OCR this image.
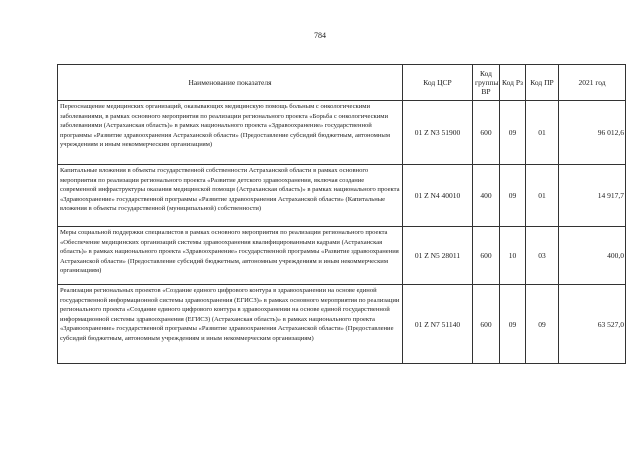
784
Наименование показателя	Код ЦСР	Код группы ВР	Код Рз	Код ПР	2021 год
Переоснащение медицинских организаций, оказывающих медицинскую помощь больным с онкологическими заболеваниями, в рамках основного мероприятия по реализации регионального проекта «Борьба с онкологическими заболеваниями (Астраханская область)» в рамках национального проекта «Здравоохранение» государственной программы «Развитие здравоохранения Астраханской области» (Предоставление субсидий бюджетным, автономным учреждениям и иным некоммерческим организациям)	01 Z N3 51900	600	09	01	96 012,6
Капитальные вложения в объекты государственной собственности Астраханской области в рамках основного мероприятия по реализации регионального проекта «Развитие детского здравоохранения, включая создание современной инфраструктуры оказания медицинской помощи (Астраханская область)» в рамках национального проекта «Здравоохранение» государственной программы «Развитие здравоохранения Астраханской области» (Капитальные вложения в объекты государственной (муниципальной) собственности)	01 Z N4 40010	400	09	01	14 917,7
Меры социальной поддержки специалистов в рамках основного мероприятия по реализации регионального проекта «Обеспечение медицинских организаций системы здравоохранения квалифицированными кадрами (Астраханская область)» в рамках национального проекта «Здравоохранение» государственной программы «Развитие здравоохранения Астраханской области» (Предоставление субсидий бюджетным, автономным учреждениям и иным некоммерческим организациям)	01 Z N5 28011	600	10	03	400,0
Реализация региональных проектов «Создание единого цифрового контура в здравоохранении на основе единой государственной информационной системы здравоохранения (ЕГИСЗ)» в рамках основного мероприятия по реализации регионального проекта «Создание единого цифрового контура в здравоохранении на основе единой государственной информационной системы здравоохранения (ЕГИСЗ) (Астраханская область)» в рамках национального проекта «Здравоохранение» государственной программы «Развитие здравоохранения Астраханской области» (Предоставление субсидий бюджетным, автономным учреждениям и иным некоммерческим организациям)	01 Z N7 51140	600	09	09	63 527,0
